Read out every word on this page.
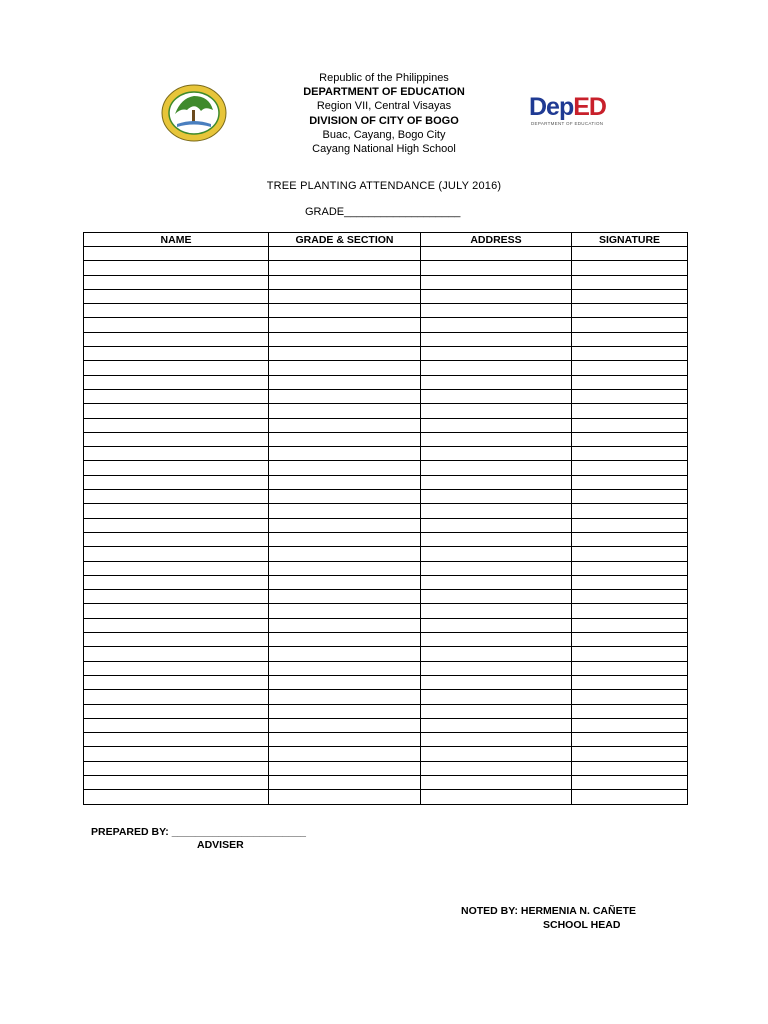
DepED
DEPARTMENT OF EDUCATION
Republic of the Philippines
DEPARTMENT OF EDUCATION
Region VII, Central Visayas
DIVISION OF CITY OF BOGO
Buac, Cayang, Bogo City
Cayang National High School
TREE PLANTING ATTENDANCE (JULY 2016)
GRADE___________________
NAME	GRADE & SECTION	ADDRESS	SIGNATURE

PREPARED BY: _______________________
ADVISER
NOTED BY: HERMENIA N. CAÑETE
SCHOOL HEAD
